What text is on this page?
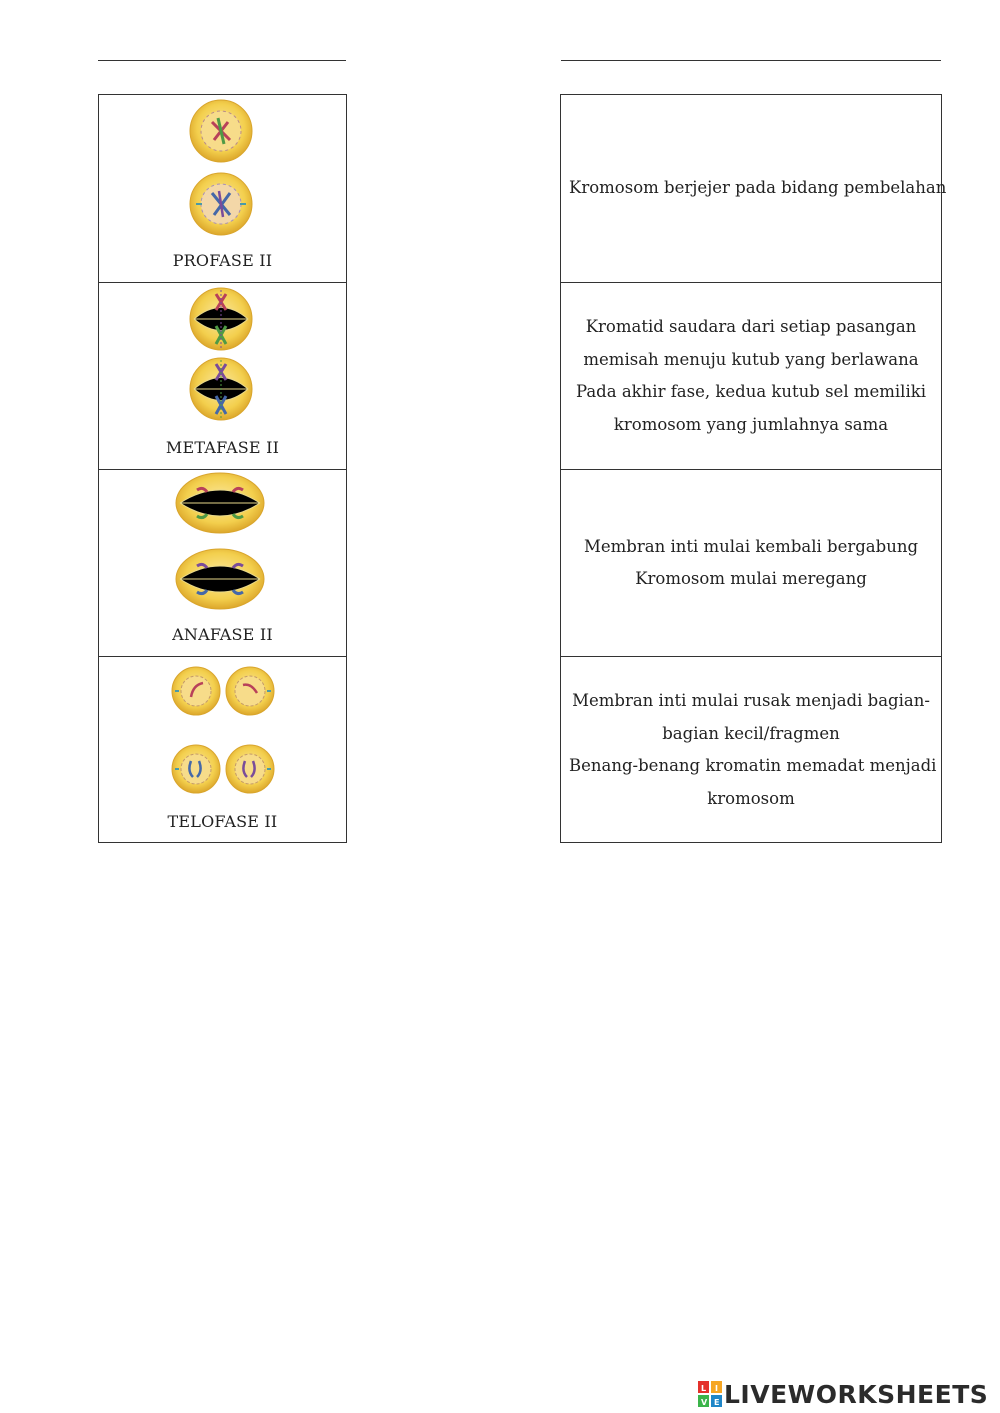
PROFASE II
METAFASE II
ANAFASE II
TELOFASE II
Kromosom berjejer pada bidang pembelahan
Kromatid saudara dari setiap pasangan
memisah menuju kutub yang berlawana
Pada akhir fase, kedua kutub sel memiliki
kromosom yang jumlahnya sama
Membran inti mulai kembali bergabung
Kromosom mulai meregang
Membran inti mulai rusak menjadi bagian-
bagian kecil/fragmen
Benang-benang kromatin memadat menjadi
kromosom
L I
V E LIVEWORKSHEETS
